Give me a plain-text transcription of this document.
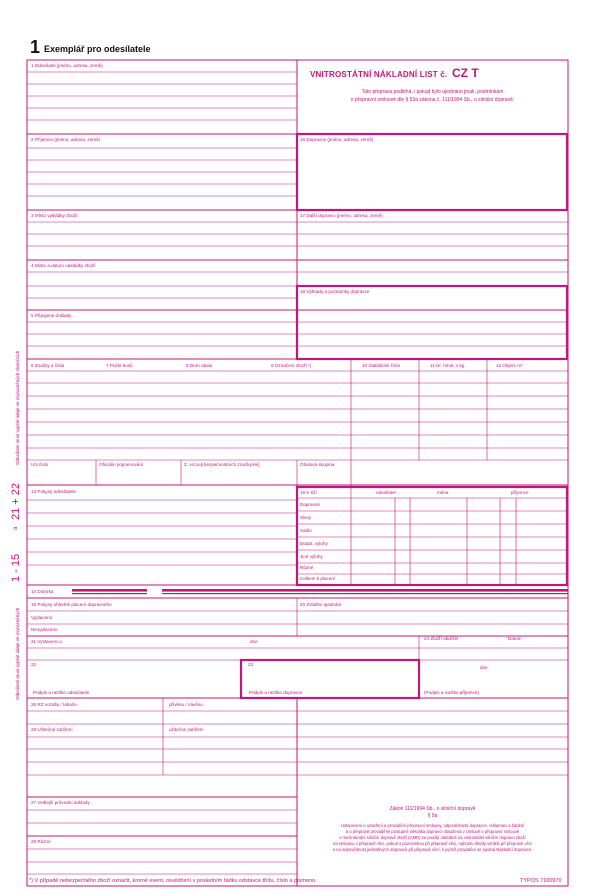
1 Exemplář pro odesílatele
VNITROSTÁTNÍ NÁKLADNÍ LIST č. CZ T
Tato přeprava podléhá, i pokud bylo ujednáno jinak, podmínkám
o přepravní smlouvě dle § 53a zákona č. 111/1994 Sb., o silniční dopravě.
1 Odesílatel (jméno, adresa, země)
2 Příjemce (jméno, adresa, země)
3 Místo vykládky zboží
4 Místo a datum nakládky zboží
5 Připojené doklady
16 Dopravce (jméno, adresa, země)
17 Další dopravci (jméno, adresa, země)
18 Výhrady a poznámky dopravce
6 Značky a čísla	7 Počet kusů	8 Druh obalu	9 Označení zboží *)	10 Statistické číslo	11 Hr. hmot. v kg	12 Objem m³
UN číslo	Oficiální pojmenování	Z. vrcoulj bezpečnostních značky/ek)	Obalová skupina
13 Pokyny odesílatele	19 K tíži	odesílatel	měna	příjemce
Dopravné
Slevy
Saldo
Dodat. výlohy
Jiné výlohy
Různé
Celkem k placení
14 Dobírka
15 Pokyny ohledně placení dopravného
Vyplaceno
Nevyplaceno
20 Zvláštní ujednání
21 Vystaveno v	dne
24 Zboží obdržel	Datum
22	23
dne
Podpis a razítko odesílatele	Podpis a razítko dopravce	(Podpis a razítko příjemce)
25 RZ vozidla / tahače	přívěsu / návěsu
26 Užitečné zatížení	užitečné zatížení
27 Vedlejší průvodní doklady
28 Různé
Zákon 111/1994 Sb., o silniční dopravě
§ 9a
Ustanovení o uzavření a provádění přepravní smlouvy, odpovědnosti dopravce, reklamaci a žalobě
a o přepravě prováděné postupně několika dopravci obsažená v Úmluvě o přepravní smlouvě
v mezinárodní silniční dopravě zboží (CMR) se použijí obdobně na vnitrostátní silniční dopravu zboží
na smlouvu o přepravě věci, pokud s poznámkou při přepravě věci, nahradu škody vzniklé při přepravě věci
a na odpovědnost jednotlivých dopravců při přepravě věcí, k jejímž provádění se sjedná Nákladní dopravce.
Odesílatel musí vyplnit údaje ve zvýrazněných rámečcích
Odesílatel musí vyplnit údaje ve zvýrazněných
1 - 15
a
21 + 22
*) V případě nebezpečného zboží označit, kromě event. osvědčení v posledním řádku odstavce třídu, číslo a písmeno.	TYPOS 7100970
